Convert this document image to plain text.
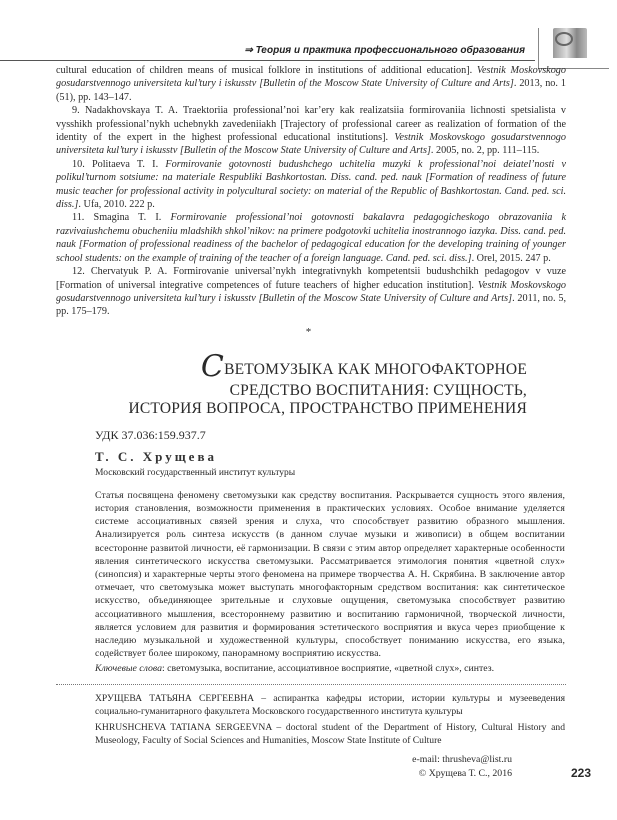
⇒ Теория и практика профессионального образования

cultural education of children means of musical folklore in institutions of additional education]. Vestnik Moskovskogo gosudarstvennogo universiteta kul’tury i iskusstv [Bulletin of the Moscow State University of Culture and Arts]. 2013, no. 1 (51), pp. 143–147.

9. Nadakhovskaya T. A. Traektoriia professional’noi kar’ery kak realizatsiia formirovaniia lichnosti spetsialista v vysshikh professional’nykh uchebnykh zavedeniiakh [Trajectory of professional career as realization of formation of the identity of the expert in the highest professional educational institutions]. Vestnik Moskovskogo gosudarstvennogo universiteta kul’tury i iskusstv [Bulletin of the Moscow State University of Culture and Arts]. 2005, no. 2, pp. 111–115.

10. Politaeva T. I. Formirovanie gotovnosti budushchego uchitelia muzyki k professional’noi deiatel’nosti v polikul’turnom sotsiume: na materiale Respubliki Bashkortostan. Diss. cand. ped. nauk [Formation of readiness of future music teacher for professional activity in polycultural society: on material of the Republic of Bashkortostan. Cand. ped. sci. diss.]. Ufa, 2010. 222 p.

11. Smagina T. I. Formirovanie professional’noi gotovnosti bakalavra pedagogicheskogo obrazovaniia k razvivaiushchemu obucheniiu mladshikh shkol’nikov: na primere podgotovki uchitelia inostrannogo iazyka. Diss. cand. ped. nauk [Formation of professional readiness of the bachelor of pedagogical education for the developing training of younger school students: on the example of training of the teacher of a foreign language. Cand. ped. sci. diss.]. Orel, 2015. 247 p.

12. Chervatyuk P. A. Formirovanie universal’nykh integrativnykh kompetentsii budushchikh pedagogov v vuze [Formation of universal integrative competences of future teachers of higher education institution]. Vestnik Moskovskogo gosudarstvennogo universiteta kul’tury i iskusstv [Bulletin of the Moscow State University of Culture and Arts]. 2011, no. 5, pp. 175–179.

*
СВЕТОМУЗЫКА КАК МНОГОФАКТОРНОЕ
СРЕДСТВО ВОСПИТАНИЯ: СУЩНОСТЬ,
ИСТОРИЯ ВОПРОСА, ПРОСТРАНСТВО ПРИМЕНЕНИЯ
УДК 37.036:159.937.7
Т. С. Хрущева
Московский государственный институт культуры

Статья посвящена феномену светомузыки как средству воспитания. Раскрывается сущность этого явления, история становления, возможности применения в практических условиях. Особое внимание уделяется системе ассоциативных связей зрения и слуха, что способствует развитию образного мышления. Анализируется роль синтеза искусств (в данном случае музыки и живописи) в общем воспитании всесторонне развитой личности, её гармонизации. В связи с этим автор определяет характерные особенности явления синтетического искусства светомузыки. Рассматривается этимология понятия «цветной слух» (синопсия) и характерные черты этого феномена на примере творчества А. Н. Скрябина. В заключение автор отмечает, что светомузыка может выступать многофакторным средством воспитания: как синтетическое искусство, объединяющее зрительные и слуховые ощущения, светомузыка способствует развитию ассоциативного мышления, всестороннему развитию и воспитанию гармоничной, творческой личности, является условием для развития и формирования эстетического восприятия и вкуса через приобщение к наследию музыкальной и художественной культуры, способствует пониманию искусства, его языка, содействует более широкому, панорамному восприятию искусства.

Ключевые слова: светомузыка, воспитание, ассоциативное восприятие, «цветной слух», синтез.

ХРУЩЕВА ТАТЬЯНА СЕРГЕЕВНА – аспирантка кафедры истории, истории культуры и музееведения социально-гуманитарного факультета Московского государственного института культуры

KHRUSHCHEVA TATIANA SERGEEVNA – doctoral student of the Department of History, Cultural History and Museology, Faculty of Social Sciences and Humanities, Moscow State Institute of Culture

e-mail: thrusheva@list.ru
© Хрущева Т. С., 2016	223
